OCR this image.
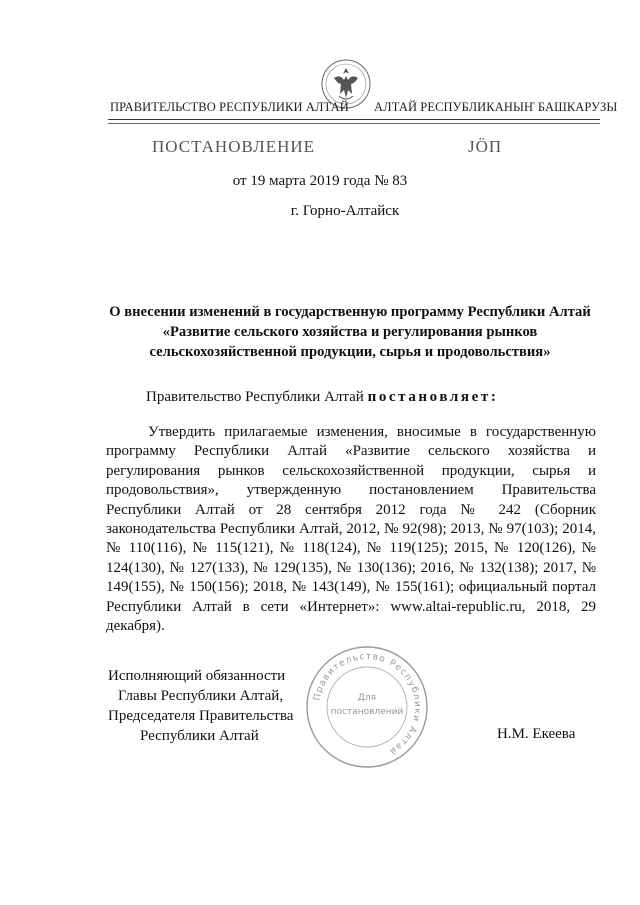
ПРАВИТЕЛЬСТВО РЕСПУБЛИКИ АЛТАЙ АЛТАЙ РЕСПУБЛИКАНЫҤ БАШКАРУЗЫ
ПОСТАНОВЛЕНИЕ	ЈӦП
от 19 марта 2019 года № 83
г. Горно-Алтайск
О внесении изменений в государственную программу Республики Алтай «Развитие сельского хозяйства и регулирования рынков сельскохозяйственной продукции, сырья и продовольствия»
Правительство Республики Алтай постановляет:
Утвердить прилагаемые изменения, вносимые в государственную программу Республики Алтай «Развитие сельского хозяйства и регулирования рынков сельскохозяйственной продукции, сырья и продовольствия», утвержденную постановлением Правительства Республики Алтай от 28 сентября 2012 года № 242 (Сборник законодательства Республики Алтай, 2012, № 92(98); 2013, № 97(103); 2014, № 110(116), № 115(121), № 118(124), № 119(125); 2015, № 120(126), № 124(130), № 127(133), № 129(135), № 130(136); 2016, № 132(138); 2017, № 149(155), № 150(156); 2018, № 143(149), № 155(161); официальный портал Республики Алтай в сети «Интернет»: www.altai-republic.ru, 2018, 29 декабря).
Исполняющий обязанности
Главы Республики Алтай,
Председателя Правительства
Республики Алтай
Правительство Республики Алтай
Для
постановлений
Н.М. Екеева
